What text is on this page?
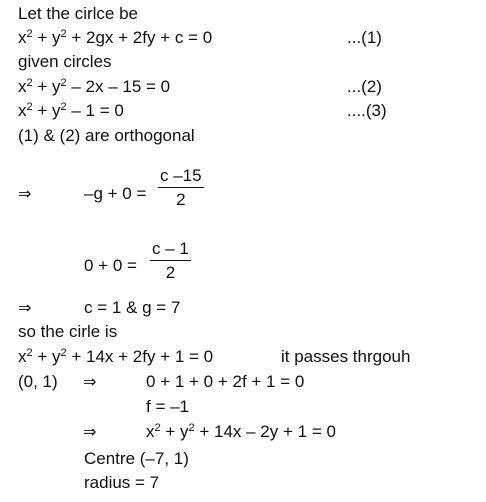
Let the cirlce be
$x^2 + y^2 + 2gx + 2fy + c = 0$	...(1)
given circles
$x^2 + y^2 - 2x - 15 = 0$	...(2)
$x^2 + y^2 - 1 = 0$	....(3)
(1) & (2) are orthogonal
⇒	–g + 0 =
c –15
2
0 + 0 =
c – 1
2
⇒	c = 1 & g = 7
so the cirle is
$x^2 + y^2 + 14x + 2fy + 1 = 0$	it passes thrgouh
(0, 1) ⇒	0 + 1 + 0 + 2f + 1 = 0
f = –1
⇒	$x^2 + y^2 + 14x - 2y + 1 = 0$
Centre (–7, 1)
radius = 7
